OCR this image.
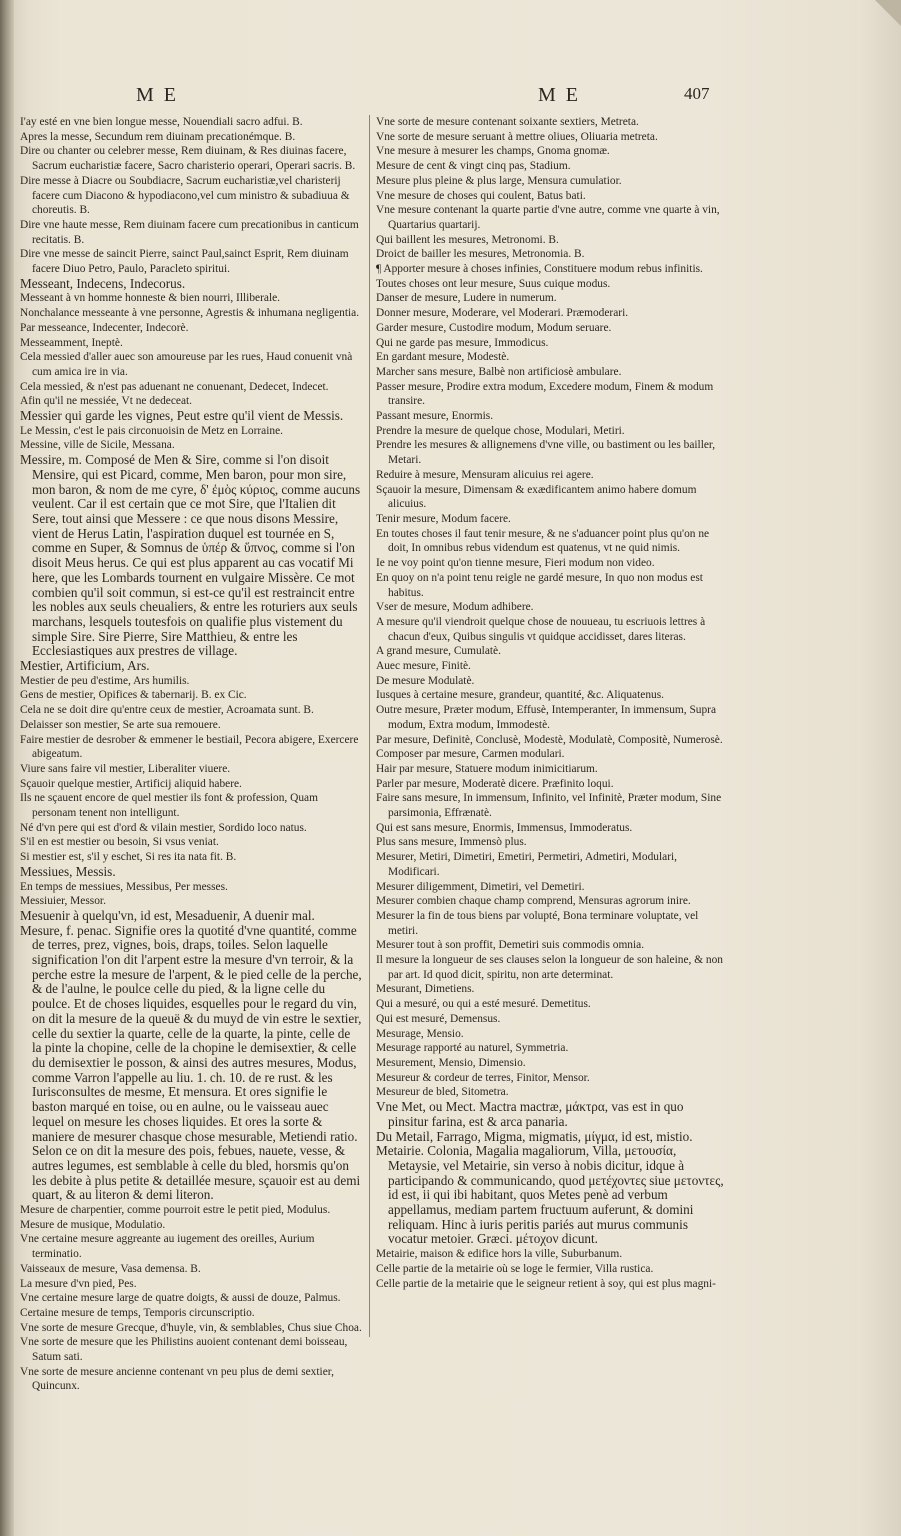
ME	ME	407

I'ay esté en vne bien longue messe, Nouendiali sacro adfui. B.

Apres la messe, Secundum rem diuinam precationémque. B.

Dire ou chanter ou celebrer messe, Rem diuinam, & Res diuinas facere, Sacrum eucharistiæ facere, Sacro charisterio operari, Operari sacris. B.

Dire messe à Diacre ou Soubdiacre, Sacrum eucharistiæ,vel charisterij facere cum Diacono & hypodiacono,vel cum ministro & subadiuua & choreutis. B.

Dire vne haute messe, Rem diuinam facere cum precationibus in canticum recitatis. B.

Dire vne messe de saincit Pierre, sainct Paul,sainct Esprit, Rem diuinam facere Diuo Petro, Paulo, Paracleto spiritui.

Messeant, Indecens, Indecorus.

Messeant à vn homme honneste & bien nourri, Illiberale.

Nonchalance messeante à vne personne, Agrestis & inhumana negligentia.

Par messeance, Indecenter, Indecorè.

Messeamment, Ineptè.

Cela messied d'aller auec son amoureuse par les rues, Haud conuenit vnà cum amica ire in via.

Cela messied, & n'est pas aduenant ne conuenant, Dedecet, Indecet.

Afin qu'il ne messiée, Vt ne dedeceat.

Messier qui garde les vignes, Peut estre qu'il vient de Messis.

Le Messin, c'est le pais circonuoisin de Metz en Lorraine.

Messine, ville de Sicile, Messana.

Messire, m. Composé de Men & Sire, comme si l'on disoit Mensire, qui est Picard, comme, Men baron, pour mon sire, mon baron, & nom de me cyre, δ' ἐμὸς κύριος, comme aucuns veulent. Car il est certain que ce mot Sire, que l'Italien dit Sere, tout ainsi que Messere : ce que nous disons Messire, vient de Herus Latin, l'aspiration duquel est tournée en S, comme en Super, & Somnus de ὑπέρ & ὕπνος, comme si l'on disoit Meus herus. Ce qui est plus apparent au cas vocatif Mi here, que les Lombards tournent en vulgaire Missère. Ce mot combien qu'il soit commun, si est-ce qu'il est restraincit entre les nobles aux seuls cheualiers, & entre les roturiers aux seuls marchans, lesquels toutesfois on qualifie plus vistement du simple Sire. Sire Pierre, Sire Matthieu, & entre les Ecclesiastiques aux prestres de village.

Mestier, Artificium, Ars.

Mestier de peu d'estime, Ars humilis.

Gens de mestier, Opifices & tabernarij. B. ex Cic.

Cela ne se doit dire qu'entre ceux de mestier, Acroamata sunt. B.

Delaisser son mestier, Se arte sua remouere.

Faire mestier de desrober & emmener le bestiail, Pecora abigere, Exercere abigeatum.

Viure sans faire vil mestier, Liberaliter viuere.

Sçauoir quelque mestier, Artificij aliquid habere.

Ils ne sçauent encore de quel mestier ils font & profession, Quam personam tenent non intelligunt.

Né d'vn pere qui est d'ord & vilain mestier, Sordido loco natus.

S'il en est mestier ou besoin, Si vsus veniat.

Si mestier est, s'il y eschet, Si res ita nata fit. B.

Messiues, Messis.

En temps de messiues, Messibus, Per messes.

Messiuier, Messor.

Mesuenir à quelqu'vn, id est, Mesaduenir, A duenir mal.

Mesure, f. penac. Signifie ores la quotité d'vne quantité, comme de terres, prez, vignes, bois, draps, toiles. Selon laquelle signification l'on dit l'arpent estre la mesure d'vn terroir, & la perche estre la mesure de l'arpent, & le pied celle de la perche, & de l'aulne, le poulce celle du pied, & la ligne celle du poulce. Et de choses liquides, esquelles pour le regard du vin, on dit la mesure de la queuë & du muyd de vin estre le sextier, celle du sextier la quarte, celle de la quarte, la pinte, celle de la pinte la chopine, celle de la chopine le demisextier, & celle du demisextier le posson, & ainsi des autres mesures, Modus, comme Varron l'appelle au liu. 1. ch. 10. de re rust. & les Iurisconsultes de mesme, Et mensura. Et ores signifie le baston marqué en toise, ou en aulne, ou le vaisseau auec lequel on mesure les choses liquides. Et ores la sorte & maniere de mesurer chasque chose mesurable, Metiendi ratio. Selon ce on dit la mesure des pois, febues, nauete, vesse, & autres legumes, est semblable à celle du bled, horsmis qu'on les debite à plus petite & detaillée mesure, sçauoir est au demi quart, & au literon & demi literon.

Mesure de charpentier, comme pourroit estre le petit pied, Modulus.

Mesure de musique, Modulatio.

Vne certaine mesure aggreante au iugement des oreilles, Aurium terminatio.

Vaisseaux de mesure, Vasa demensa. B.

La mesure d'vn pied, Pes.

Vne certaine mesure large de quatre doigts, & aussi de douze, Palmus.

Certaine mesure de temps, Temporis circunscriptio.

Vne sorte de mesure Grecque, d'huyle, vin, & semblables, Chus siue Choa.

Vne sorte de mesure que les Philistins auoient contenant demi boisseau, Satum sati.

Vne sorte de mesure ancienne contenant vn peu plus de demi sextier, Quincunx.

Vne sorte de mesure contenant soixante sextiers, Metreta.

Vne sorte de mesure seruant à mettre oliues, Oliuaria metreta.

Vne mesure à mesurer les champs, Gnoma gnomæ.

Mesure de cent & vingt cinq pas, Stadium.

Mesure plus pleine & plus large, Mensura cumulatior.

Vne mesure de choses qui coulent, Batus bati.

Vne mesure contenant la quarte partie d'vne autre, comme vne quarte à vin, Quartarius quartarij.

Qui baillent les mesures, Metronomi. B.

Droict de bailler les mesures, Metronomia. B.

¶ Apporter mesure à choses infinies, Constituere modum rebus infinitis.

Toutes choses ont leur mesure, Suus cuique modus.

Danser de mesure, Ludere in numerum.

Donner mesure, Moderare, vel Moderari. Præmoderari.

Garder mesure, Custodire modum, Modum seruare.

Qui ne garde pas mesure, Immodicus.

En gardant mesure, Modestè.

Marcher sans mesure, Balbè non artificiosè ambulare.

Passer mesure, Prodire extra modum, Excedere modum, Finem & modum transire.

Passant mesure, Enormis.

Prendre la mesure de quelque chose, Modulari, Metiri.

Prendre les mesures & allignemens d'vne ville, ou bastiment ou les bailler, Metari.

Reduire à mesure, Mensuram alicuius rei agere.

Sçauoir la mesure, Dimensam & exædificantem animo habere domum alicuius.

Tenir mesure, Modum facere.

En toutes choses il faut tenir mesure, & ne s'aduancer point plus qu'on ne doit, In omnibus rebus videndum est quatenus, vt ne quid nimis.

Ie ne voy point qu'on tienne mesure, Fieri modum non video.

En quoy on n'a point tenu reigle ne gardé mesure, In quo non modus est habitus.

Vser de mesure, Modum adhibere.

A mesure qu'il viendroit quelque chose de nouueau, tu escriuois lettres à chacun d'eux, Quibus singulis vt quidque accidisset, dares literas.

A grand mesure, Cumulatè.

Auec mesure, Finitè.

De mesure Modulatè.

Iusques à certaine mesure, grandeur, quantité, &c. Aliquatenus.

Outre mesure, Præter modum, Effusè, Intemperanter, In immensum, Supra modum, Extra modum, Immodestè.

Par mesure, Definitè, Conclusè, Modestè, Modulatè, Compositè, Numerosè.

Composer par mesure, Carmen modulari.

Hair par mesure, Statuere modum inimicitiarum.

Parler par mesure, Moderatè dicere. Præfinito loqui.

Faire sans mesure, In immensum, Infinito, vel Infinitè, Præter modum, Sine parsimonia, Effrænatè.

Qui est sans mesure, Enormis, Immensus, Immoderatus.

Plus sans mesure, Immensò plus.

Mesurer, Metiri, Dimetiri, Emetiri, Permetiri, Admetiri, Modulari, Modificari.

Mesurer diligemment, Dimetiri, vel Demetiri.

Mesurer combien chaque champ comprend, Mensuras agrorum inire.

Mesurer la fin de tous biens par volupté, Bona terminare voluptate, vel metiri.

Mesurer tout à son proffit, Demetiri suis commodis omnia.

Il mesure la longueur de ses clauses selon la longueur de son haleine, & non par art. Id quod dicit, spiritu, non arte determinat.

Mesurant, Dimetiens.

Qui a mesuré, ou qui a esté mesuré. Demetitus.

Qui est mesuré, Demensus.

Mesurage, Mensio.

Mesurage rapporté au naturel, Symmetria.

Mesurement, Mensio, Dimensio.

Mesureur & cordeur de terres, Finitor, Mensor.

Mesureur de bled, Sitometra.

Vne Met, ou Mect. Mactra mactræ, μάκτρα, vas est in quo pinsitur farina, est & arca panaria.

Du Metail, Farrago, Migma, migmatis, μίγμα, id est, mistio.

Metairie. Colonia, Magalia magaliorum, Villa, μετουσία, Metaysie, vel Metairie, sin verso à nobis dicitur, idque à participando & communicando, quod μετέχοντες siue μετοντες, id est, ii qui ibi habitant, quos Metes penè ad verbum appellamus, mediam partem fructuum auferunt, & domini reliquam. Hinc à iuris peritis pariés aut murus communis vocatur metoier. Græci. μέτοχον dicunt.

Metairie, maison & edifice hors la ville, Suburbanum.

Celle partie de la metairie où se loge le fermier, Villa rustica.

Celle partie de la metairie que le seigneur retient à soy, qui est plus magni-
